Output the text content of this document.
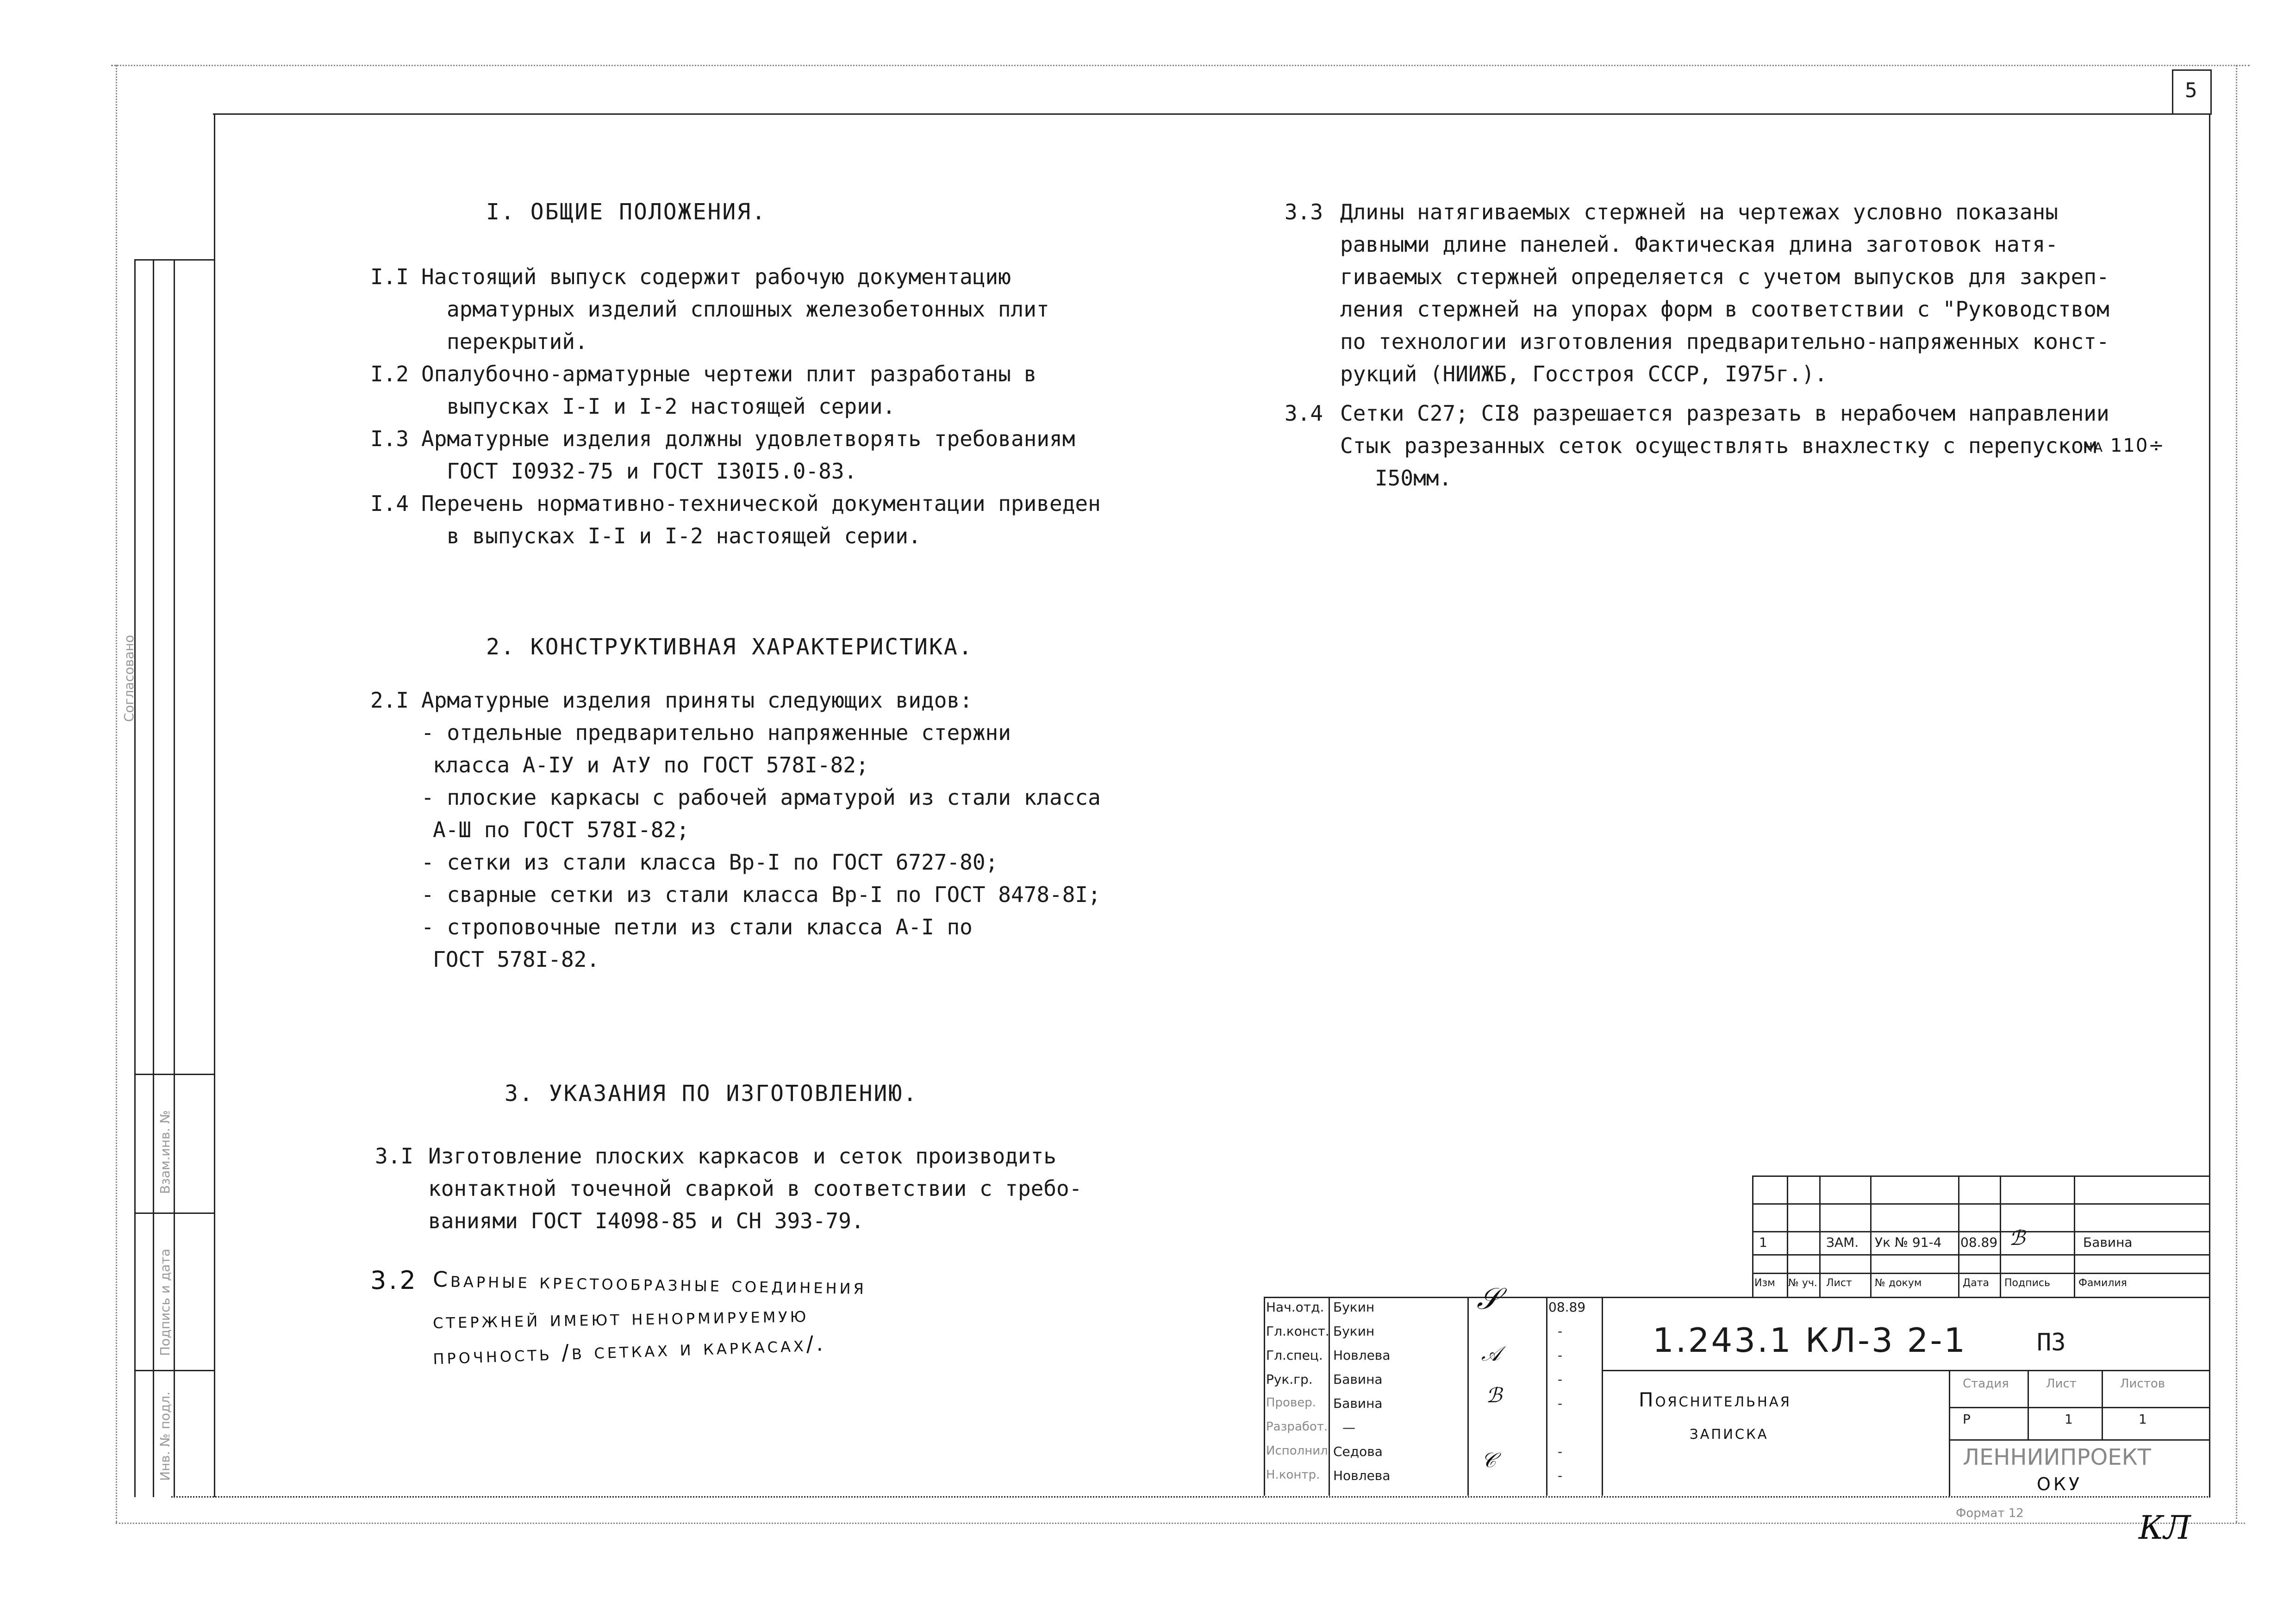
5
Согласовано
Взам.инв. №
Подпись и дата
Инв. № подл.
I. ОБЩИЕ ПОЛОЖЕНИЯ.
I.I Настоящий выпуск содержит рабочую документацию
арматурных изделий сплошных железобетонных плит
перекрытий.
I.2 Опалубочно-арматурные чертежи плит разработаны в
выпусках I-I и I-2 настоящей серии.
I.3 Арматурные изделия должны удовлетворять требованиям
ГОСТ I0932-75 и ГОСТ I30I5.0-83.
I.4 Перечень нормативно-технической документации приведен
в выпусках I-I и I-2 настоящей серии.
2. КОНСТРУКТИВНАЯ ХАРАКТЕРИСТИКА.
2.I Арматурные изделия приняты следующих видов:
- отдельные предварительно напряженные стержни
класса А-IУ и АтУ по ГОСТ 578I-82;
- плоские каркасы с рабочей арматурой из стали класса
А-Ш по ГОСТ 578I-82;
- сетки из стали класса Вр-I по ГОСТ 6727-80;
- сварные сетки из стали класса Вр-I по ГОСТ 8478-8I;
- строповочные петли из стали класса А-I по
ГОСТ 578I-82.
3. УКАЗАНИЯ ПО ИЗГОТОВЛЕНИЮ.
3.I Изготовление плоских каркасов и сеток производить
контактной точечной сваркой в соответствии с требо-
ваниями ГОСТ I4098-85 и СН 393-79.
3.2 Сварные крестообразные соединения
стержней имеют ненормируемую
прочность /в сетках и каркасах/.
3.3 Длины натягиваемых стержней на чертежах условно показаны
равными длине панелей. Фактическая длина заготовок натя-
гиваемых стержней определяется с учетом выпусков для закреп-
ления стержней на упорах форм в соответствии с "Руководством
по технологии изготовления предварительно-напряженных конст-
рукций (НИИЖБ, Госстроя СССР, I975г.).
3.4 Сетки С27; СI8 разрешается разрезать в нерабочем направлении
Стык разрезанных сеток осуществлять внахлестку с перепуском
на 110÷
I50мм.
1	ЗАМ. Ук № 91-4 08.89 ℬ	Бавина
Изм № уч. Лист № докум	Дата Подпись	Фамилия
Нач.отд. Букин	08.89
Гл.конст. Букин	-
Гл.спец. Новлева	-
Рук.гр. Бавина	-
Провер. Бавина	-
Разработ. —
Исполнил Седова	-
Н.контр. Новлева	-
𝒮
𝒜
ℬ
𝒞
1.243.1 КЛ-3 2-1	ПЗ
Пояснительная
записка
Стадия	Лист	Листов
Р	1	1
ЛЕННИИПРОЕКТ
ОКУ
Формат 12	КЛ
